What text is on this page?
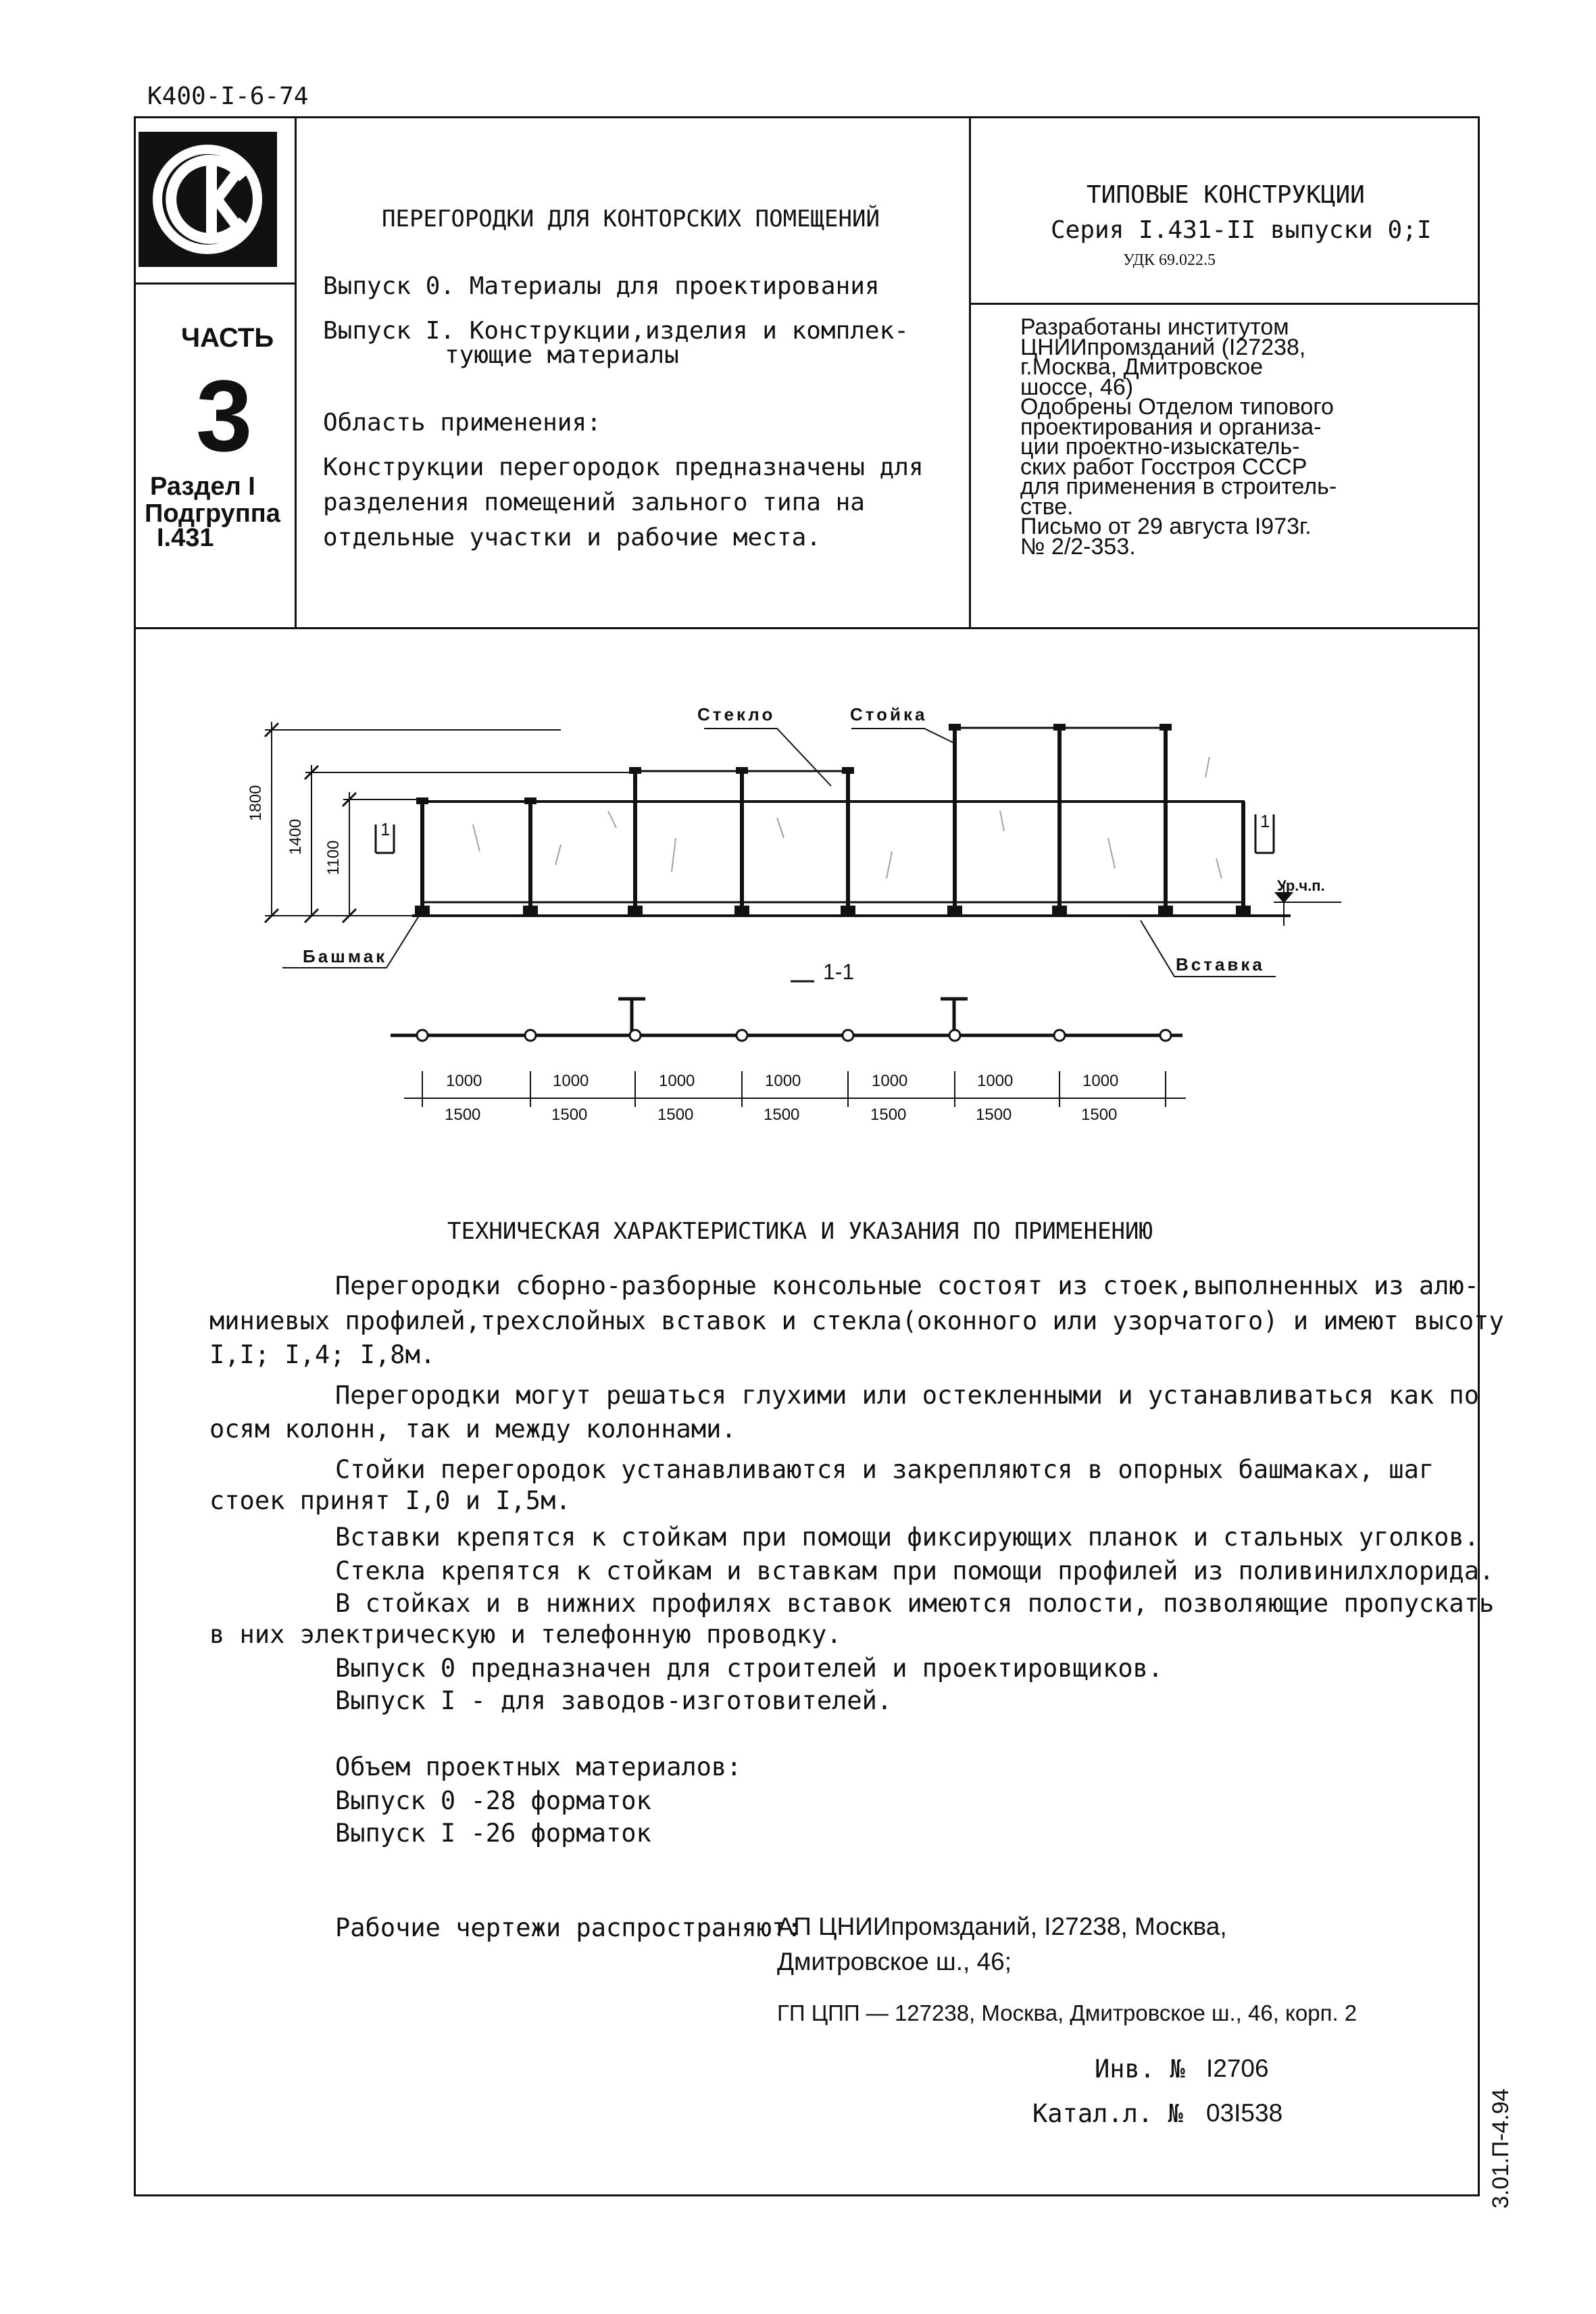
К400-I-6-74
ЧАСТЬ
3
Раздел I
Подгруппа
I.431
ПЕРЕГОРОДКИ ДЛЯ КОНТОРСКИХ ПОМЕЩЕНИЙ
Выпуск 0. Материалы для проектирования
Выпуск I. Конструкции,изделия и комплек-
тующие материалы
Область применения:
Конструкции перегородок предназначены для
разделения помещений зального типа на
отдельные участки и рабочие места.
ТИПОВЫЕ КОНСТРУКЦИИ
Серия I.431-II выпуски 0;I
УДК 69.022.5
Разработаны институтом
ЦНИИпромзданий (I27238,
г.Москва, Дмитровское
шоссе, 46)
Одобрены Отделом типового
проектирования и организа-
ции проектно-изыскатель-
ских работ Госстроя СССР
для применения в строитель-
стве.
Письмо от 29 августа I973г.
№ 2/2-353.
Стекло	Стойка
Башмак	Вставка
Ур.ч.п.
1-1
1	1
1800
1400
1100
1000	1000	1000	1000	1000	1000	1000
1500	1500	1500	1500	1500	1500	1500
ТЕХНИЧЕСКАЯ ХАРАКТЕРИСТИКА И УКАЗАНИЯ ПО ПРИМЕНЕНИЮ
Перегородки сборно-разборные консольные состоят из стоек,выполненных из алю-
миниевых профилей,трехслойных вставок и стекла(оконного или узорчатого) и имеют высоту
I,I; I,4; I,8м.
Перегородки могут решаться глухими или остекленными и устанавливаться как по
осям колонн, так и между колоннами.
Стойки перегородок устанавливаются и закрепляются в опорных башмаках, шаг
стоек принят I,0 и I,5м.
Вставки крепятся к стойкам при помощи фиксирующих планок и стальных уголков.
Стекла крепятся к стойкам и вставкам при помощи профилей из поливинилхлорида.
В стойках и в нижних профилях вставок имеются полости, позволяющие пропускать
в них электрическую и телефонную проводку.
Выпуск 0 предназначен для строителей и проектировщиков.
Выпуск I - для заводов-изготовителей.
Объем проектных материалов:
Выпуск 0 -28 форматок
Выпуск I -26 форматок
Рабочие чертежи распространяют:
АП ЦНИИпромзданий, I27238, Москва,
Дмитровское ш., 46;
ГП ЦПП — 127238, Москва, Дмитровское ш., 46, корп. 2
Инв. № I2706
Катал.л. № 03I538	3.01.П-4.94
